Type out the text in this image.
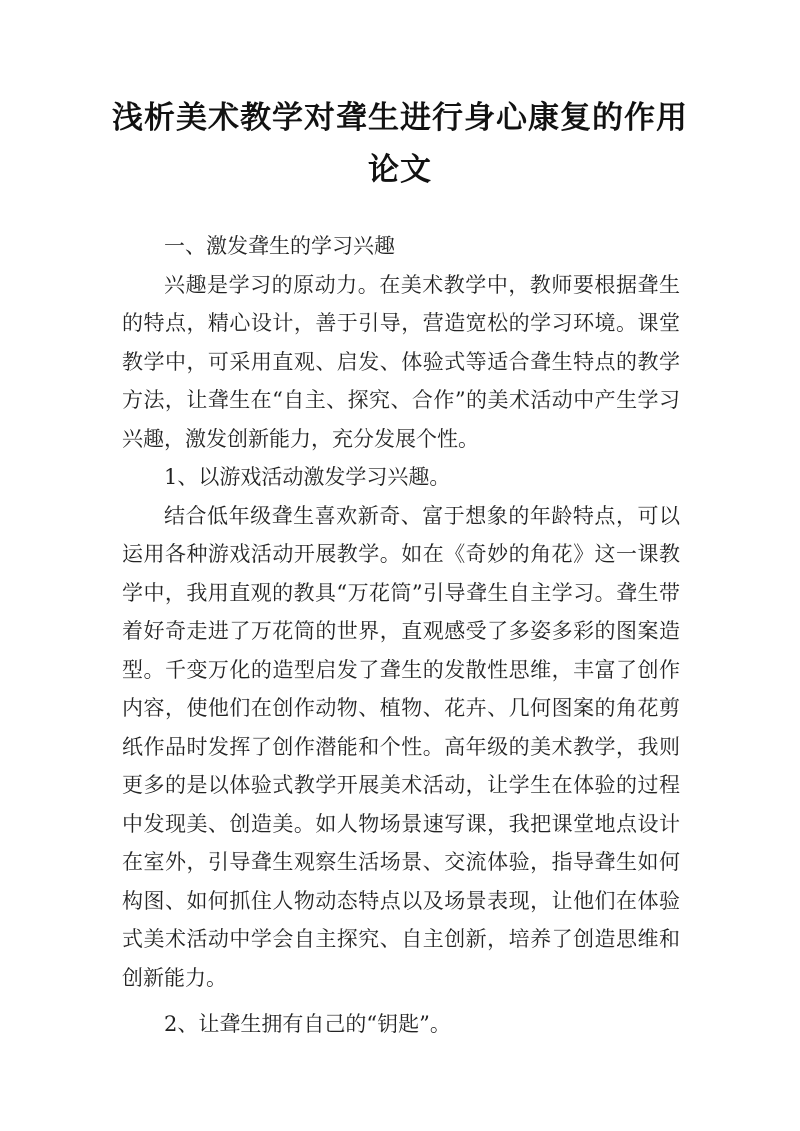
浅析美术教学对聋生进行身心康复的作用
论文

一、激发聋生的学习兴趣

兴趣是学习的原动力。在美术教学中，教师要根据聋生的特点，精心设计，善于引导，营造宽松的学习环境。课堂教学中，可采用直观、启发、体验式等适合聋生特点的教学方法，让聋生在“自主、探究、合作”的美术活动中产生学习兴趣，激发创新能力，充分发展个性。

1、以游戏活动激发学习兴趣。

结合低年级聋生喜欢新奇、富于想象的年龄特点，可以运用各种游戏活动开展教学。如在《奇妙的角花》这一课教学中，我用直观的教具“万花筒”引导聋生自主学习。聋生带着好奇走进了万花筒的世界，直观感受了多姿多彩的图案造型。千变万化的造型启发了聋生的发散性思维，丰富了创作内容，使他们在创作动物、植物、花卉、几何图案的角花剪纸作品时发挥了创作潜能和个性。高年级的美术教学，我则更多的是以体验式教学开展美术活动，让学生在体验的过程中发现美、创造美。如人物场景速写课，我把课堂地点设计在室外，引导聋生观察生活场景、交流体验，指导聋生如何构图、如何抓住人物动态特点以及场景表现，让他们在体验式美术活动中学会自主探究、自主创新，培养了创造思维和创新能力。

2、让聋生拥有自己的“钥匙”。
